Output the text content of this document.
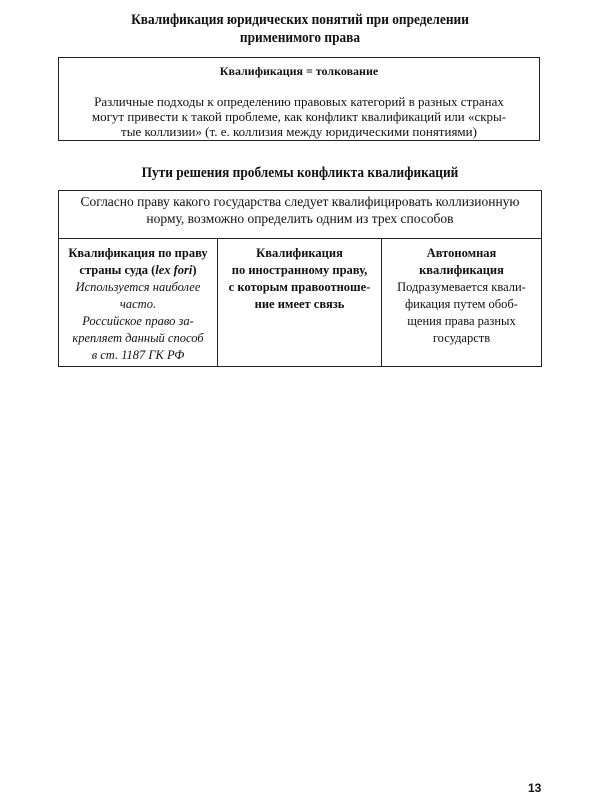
Квалификация юридических понятий при определении
применимого права
Квалификация = толкование
Различные подходы к определению правовых категорий в разных странах
могут привести к такой проблеме, как конфликт квалификаций или «скры-
тые коллизии» (т. е. коллизия между юридическими понятиями)
Пути решения проблемы конфликта квалификаций
Согласно праву какого государства следует квалифицировать коллизионную
норму, возможно определить одним из трех способов
Квалификация по праву
страны суда (lex fori)
Используется наиболее
часто.
Российское право за-
крепляет данный способ
в ст. 1187 ГК РФ
Квалификация
по иностранному праву,
с которым правоотноше-
ние имеет связь
Автономная
квалификация
Подразумевается квали-
фикация путем обоб-
щения права разных
государств
13
